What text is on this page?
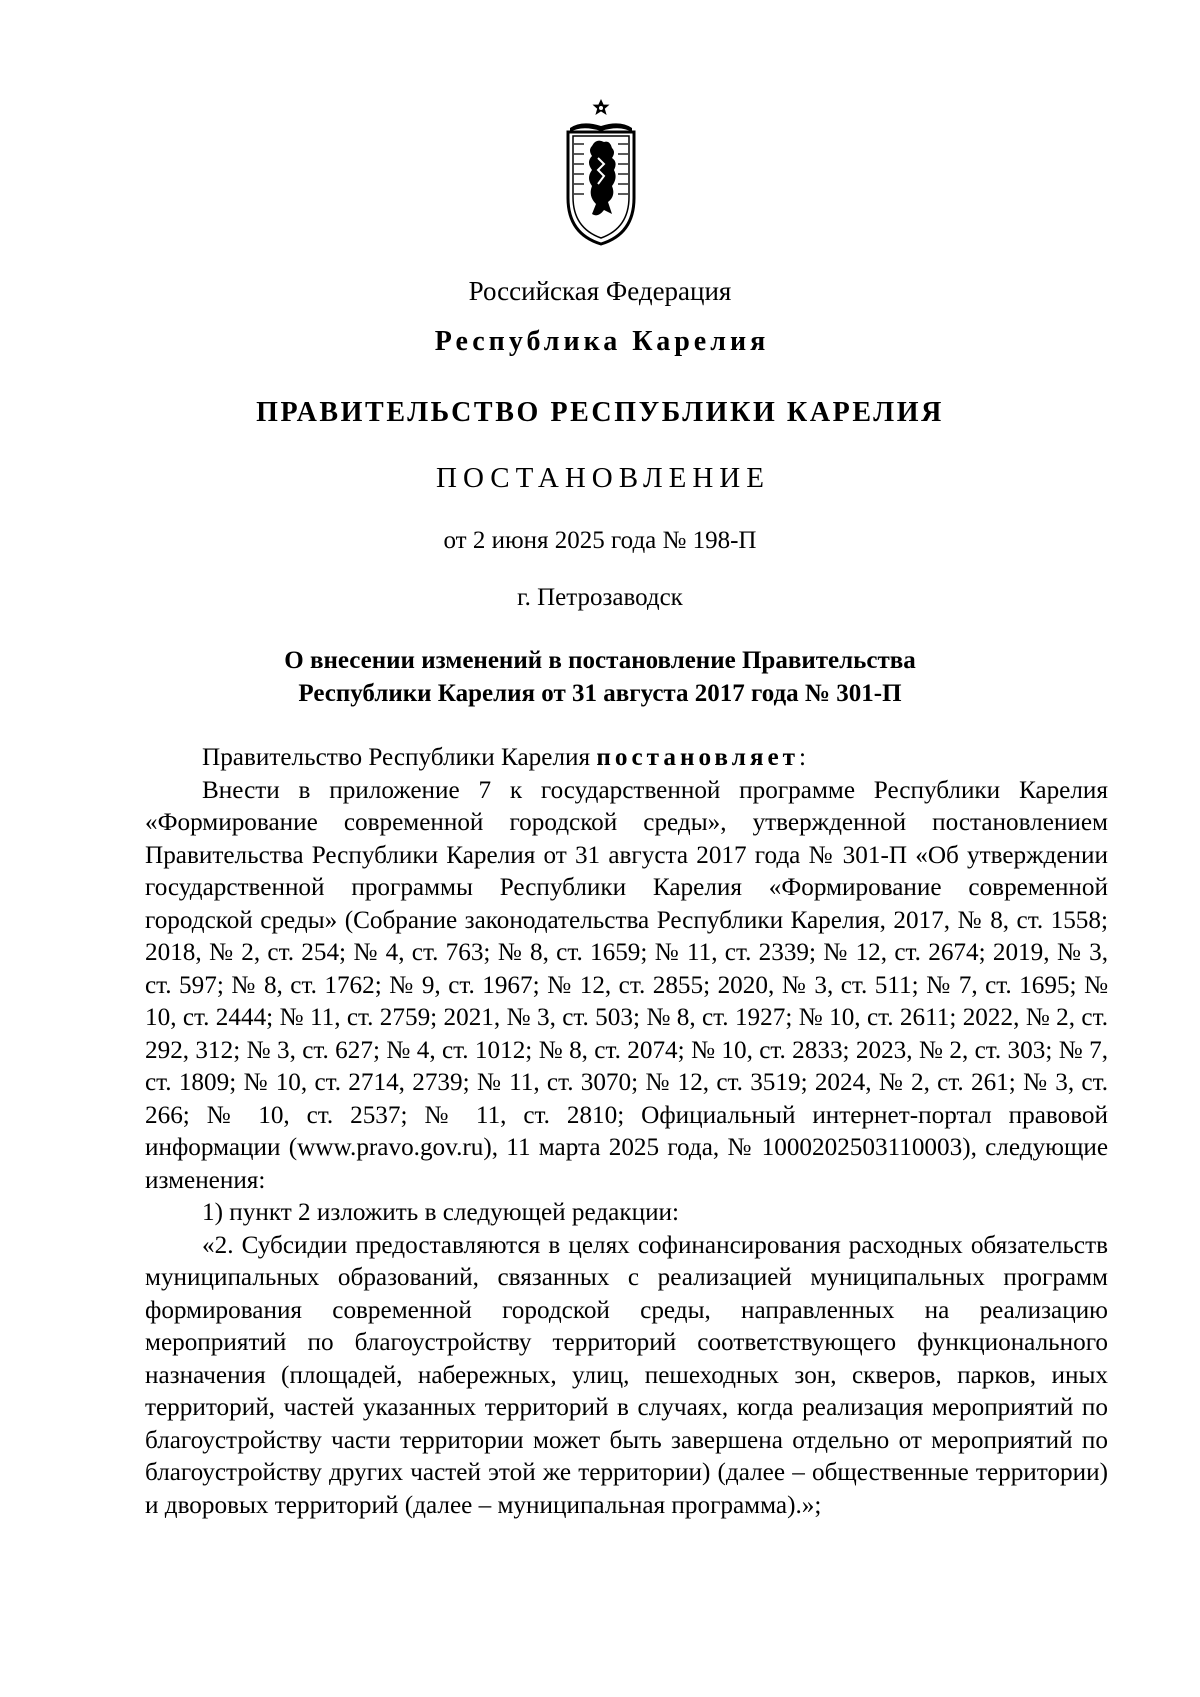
Российская Федерация
Республика Карелия
ПРАВИТЕЛЬСТВО РЕСПУБЛИКИ КАРЕЛИЯ
ПОСТАНОВЛЕНИЕ
от 2 июня 2025 года № 198-П
г. Петрозаводск
О внесении изменений в постановление Правительства
Республики Карелия от 31 августа 2017 года № 301-П

Правительство Республики Карелия постановляет:

Внести в приложение 7 к государственной программе Республики Карелия «Формирование современной городской среды», утвержденной постановлением Правительства Республики Карелия от 31 августа 2017 года № 301-П «Об утверждении государственной программы Республики Карелия «Формирование современной городской среды» (Собрание законодательства Республики Карелия, 2017, № 8, ст. 1558; 2018, № 2, ст. 254; № 4, ст. 763; № 8, ст. 1659; № 11, ст. 2339; № 12, ст. 2674; 2019, № 3, ст. 597; № 8, ст. 1762; № 9, ст. 1967; № 12, ст. 2855; 2020, № 3, ст. 511; № 7, ст. 1695; № 10, ст. 2444; № 11, ст. 2759; 2021, № 3, ст. 503; № 8, ст. 1927; № 10, ст. 2611; 2022, № 2, ст. 292, 312; № 3, ст. 627; № 4, ст. 1012; № 8, ст. 2074; № 10, ст. 2833; 2023, № 2, ст. 303; № 7, ст. 1809; № 10, ст. 2714, 2739; № 11, ст. 3070; № 12, ст. 3519; 2024, № 2, ст. 261; № 3, ст. 266; № 10, ст. 2537; № 11, ст. 2810; Официальный интернет-портал правовой информации (www.pravo.gov.ru), 11 марта 2025 года, № 1000202503110003), следующие изменения:

1) пункт 2 изложить в следующей редакции:

«2. Субсидии предоставляются в целях софинансирования расходных обязательств муниципальных образований, связанных с реализацией муниципальных программ формирования современной городской среды, направленных на реализацию мероприятий по благоустройству территорий соответствующего функционального назначения (площадей, набережных, улиц, пешеходных зон, скверов, парков, иных территорий, частей указанных территорий в случаях, когда реализация мероприятий по благоустройству части территории может быть завершена отдельно от мероприятий по благоустройству других частей этой же территории) (далее – общественные территории) и дворовых территорий (далее – муниципальная программа).»;
